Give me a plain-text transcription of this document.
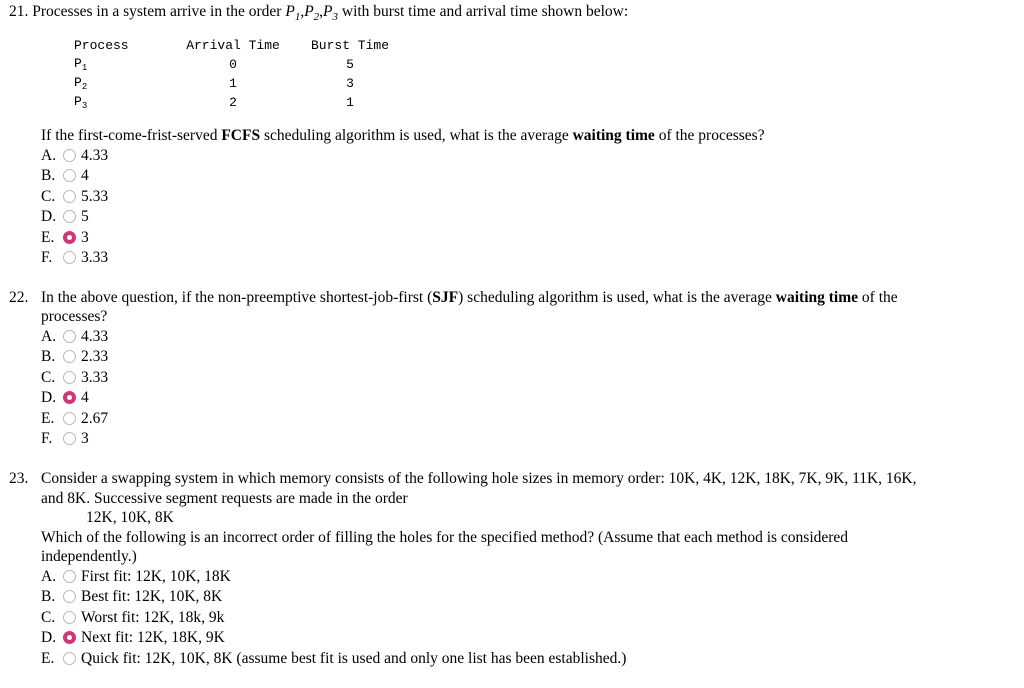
21. Processes in a system arrive in the order $P_1,P_2,P_3$ with burst time and arrival time shown below:
Process	Arrival Time	Burst Time
$P_1$	0	5
$P_2$	1	3
$P_3$	2	1
If the first-come-frist-served FCFS scheduling algorithm is used, what is the average waiting time of the processes?
A. 4.33
B. 4
C. 5.33
D. 5
E. 3
F. 3.33
22. In the above question, if the non-preemptive shortest-job-first (SJF) scheduling algorithm is used, what is the average waiting time of the
processes?
A. 4.33
B. 2.33
C. 3.33
D. 4
E. 2.67
F. 3
23. Consider a swapping system in which memory consists of the following hole sizes in memory order: 10K, 4K, 12K, 18K, 7K, 9K, 11K, 16K,
and 8K. Successive segment requests are made in the order
12K, 10K, 8K
Which of the following is an incorrect order of filling the holes for the specified method? (Assume that each method is considered
independently.)
A. First fit: 12K, 10K, 18K
B. Best fit: 12K, 10K, 8K
C. Worst fit: 12K, 18k, 9k
D. Next fit: 12K, 18K, 9K
E. Quick fit: 12K, 10K, 8K (assume best fit is used and only one list has been established.)
